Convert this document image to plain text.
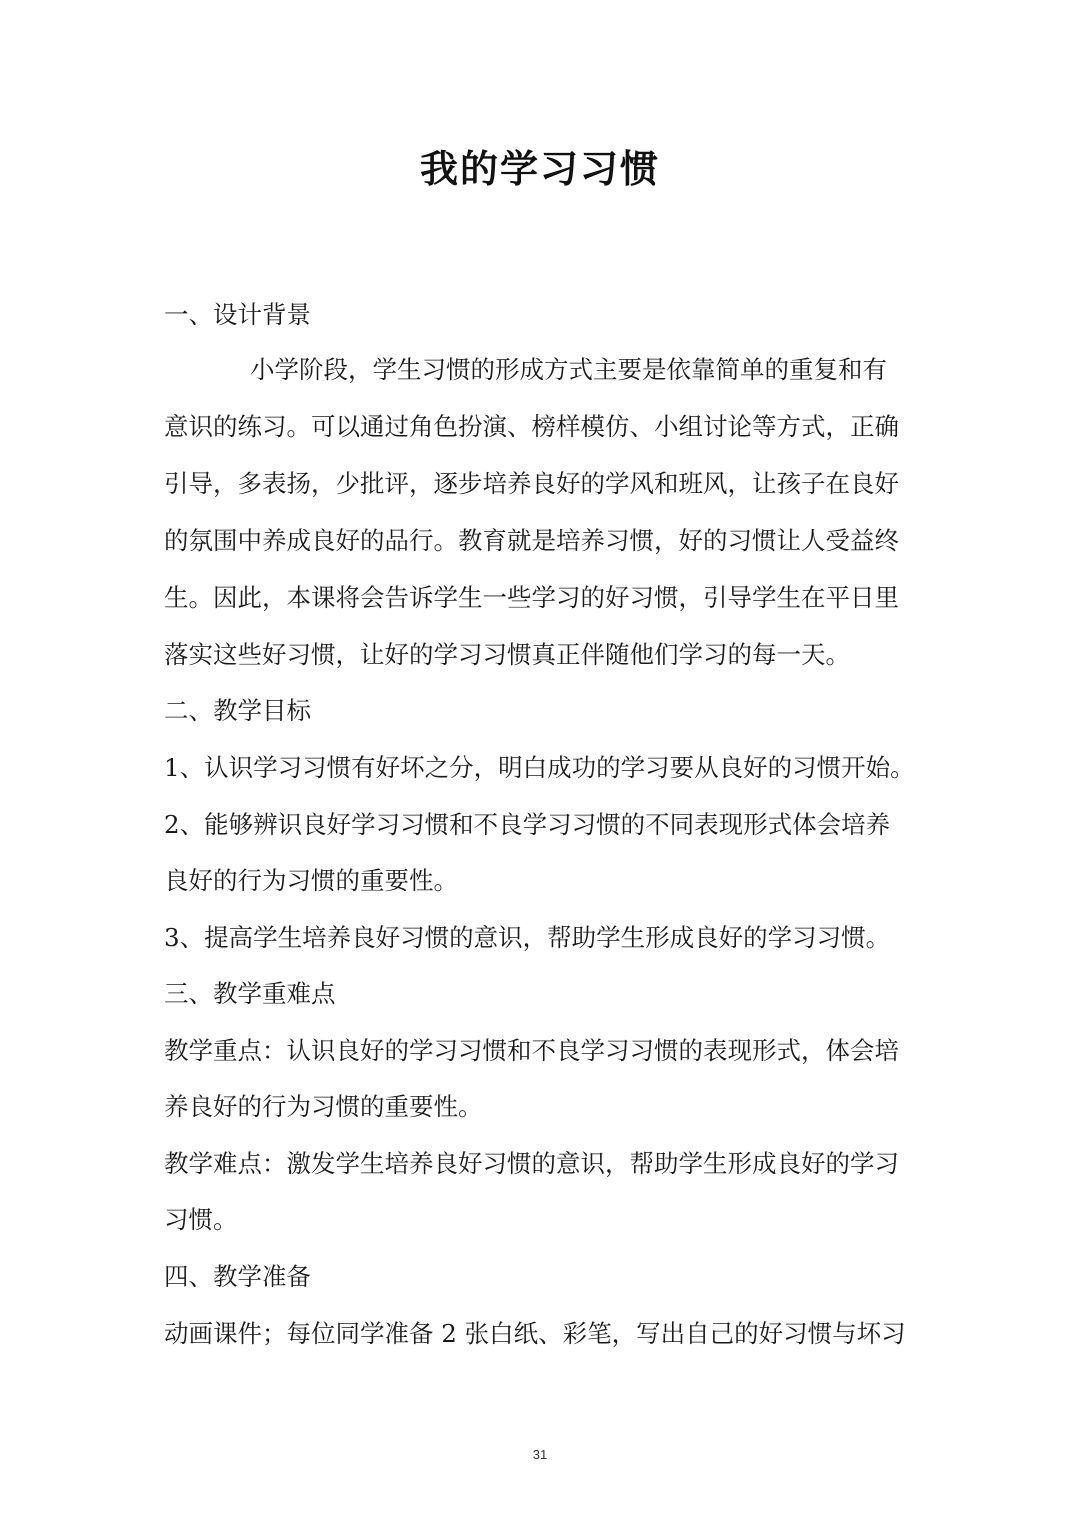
我的学习习惯

一、设计背景

小学阶段，学生习惯的形成方式主要是依靠简单的重复和有

意识的练习。可以通过角色扮演、榜样模仿、小组讨论等方式，正确

引导，多表扬，少批评，逐步培养良好的学风和班风，让孩子在良好

的氛围中养成良好的品行。教育就是培养习惯，好的习惯让人受益终

生。因此，本课将会告诉学生一些学习的好习惯，引导学生在平日里

落实这些好习惯，让好的学习习惯真正伴随他们学习的每一天。

二、教学目标

1、认识学习习惯有好坏之分，明白成功的学习要从良好的习惯开始。

2、能够辨识良好学习习惯和不良学习习惯的不同表现形式体会培养

良好的行为习惯的重要性。

3、提高学生培养良好习惯的意识，帮助学生形成良好的学习习惯。

三、教学重难点

教学重点：认识良好的学习习惯和不良学习习惯的表现形式，体会培

养良好的行为习惯的重要性。

教学难点：激发学生培养良好习惯的意识，帮助学生形成良好的学习

习惯。

四、教学准备

动画课件；每位同学准备 2 张白纸、彩笔，写出自己的好习惯与坏习

31
